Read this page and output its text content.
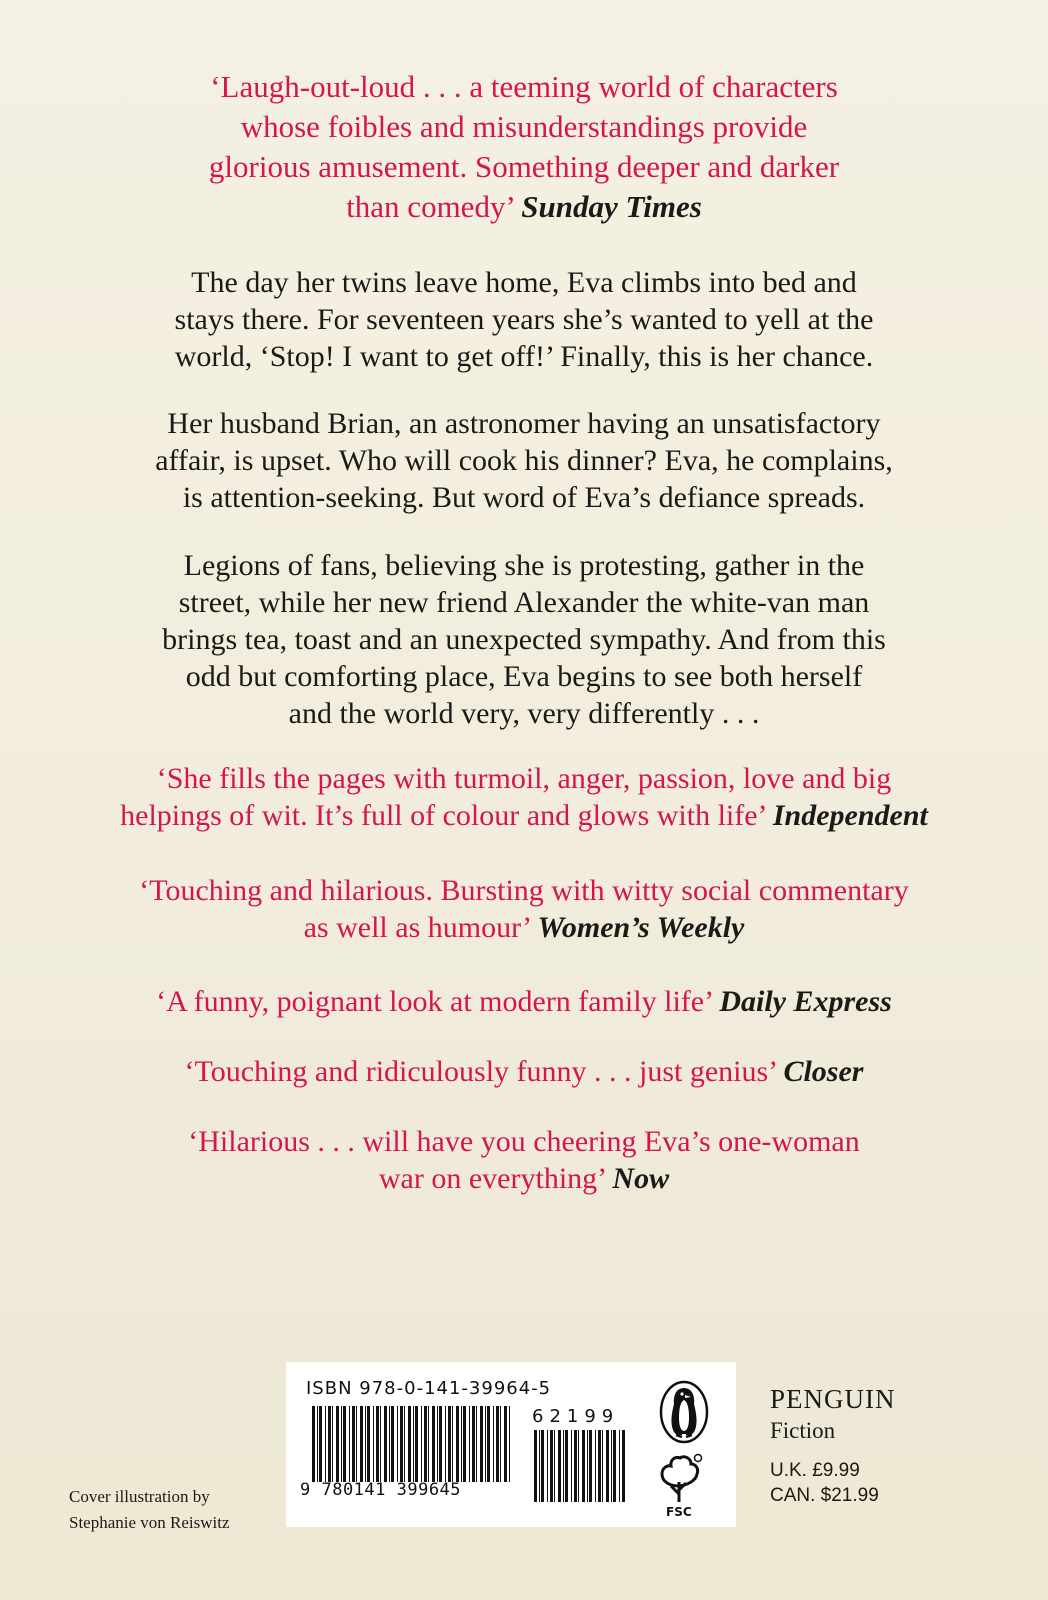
‘Laugh-out-loud . . . a teeming world of characters
whose foibles and misunderstandings provide
glorious amusement. Something deeper and darker
than comedy’ Sunday Times
The day her twins leave home, Eva climbs into bed and
stays there. For seventeen years she’s wanted to yell at the
world, ‘Stop! I want to get off!’ Finally, this is her chance.
Her husband Brian, an astronomer having an unsatisfactory
affair, is upset. Who will cook his dinner? Eva, he complains,
is attention-seeking. But word of Eva’s defiance spreads.
Legions of fans, believing she is protesting, gather in the
street, while her new friend Alexander the white-van man
brings tea, toast and an unexpected sympathy. And from this
odd but comforting place, Eva begins to see both herself
and the world very, very differently . . .
‘She fills the pages with turmoil, anger, passion, love and big
helpings of wit. It’s full of colour and glows with life’ Independent
‘Touching and hilarious. Bursting with witty social commentary
as well as humour’ Women’s Weekly
‘A funny, poignant look at modern family life’ Daily Express
‘Touching and ridiculously funny . . . just genius’ Closer
‘Hilarious . . . will have you cheering Eva’s one-woman
war on everything’ Now
ISBN 978-0-141-39964-5
9 780141 399645
62199
FSC
PENGUIN
Fiction
U.K. £9.99
CAN. $21.99
Cover illustration by
Stephanie von Reiswitz
